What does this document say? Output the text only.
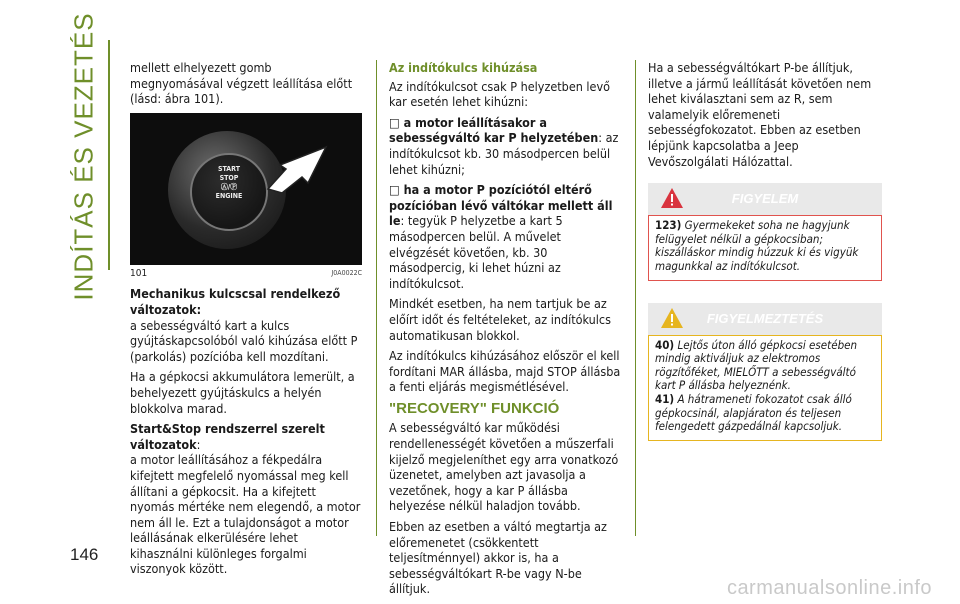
INDÍTÁS ÉS VEZETÉS
146

mellett elhelyezett gomb megnyomásával végzett leállítása előtt (lásd: ábra 101).

START
STOP
Ⓐ/Ⓟ
ENGINE
101	J0A0022C

Mechanikus kulcscsal rendelkező változatok:

a sebességváltó kart a kulcs gyújtáskapcsolóból való kihúzása előtt P (parkolás) pozícióba kell mozdítani.

Ha a gépkocsi akkumulátora lemerült, a behelyezett gyújtáskulcs a helyén blokkolva marad.

Start&Stop rendszerrel szerelt változatok:

a motor leállításához a fékpedálra kifejtett megfelelő nyomással meg kell állítani a gépkocsit. Ha a kifejtett nyomás mértéke nem elegendő, a motor nem áll le. Ezt a tulajdonságot a motor leállásának elkerülésére lehet kihasználni különleges forgalmi viszonyok között.

Az indítókulcs kihúzása

Az indítókulcsot csak P helyzetben levő kar esetén lehet kihúzni:

□ a motor leállításakor a sebességváltó kar P helyzetében: az indítókulcsot kb. 30 másodpercen belül lehet kihúzni;

□ ha a motor P pozíciótól eltérő pozícióban lévő váltókar mellett áll le: tegyük P helyzetbe a kart 5 másodpercen belül. A művelet elvégzését követően, kb. 30 másodpercig, ki lehet húzni az indítókulcsot.

Mindkét esetben, ha nem tartjuk be az előírt időt és feltételeket, az indítókulcs automatikusan blokkol.

Az indítókulcs kihúzásához először el kell fordítani MAR állásba, majd STOP állásba a fenti eljárás megismétlésével.

"RECOVERY" FUNKCIÓ

A sebességváltó kar működési rendellenességét követően a műszerfali kijelző megjeleníthet egy arra vonatkozó üzenetet, amelyben azt javasolja a vezetőnek, hogy a kar P állásba helyezése nélkül haladjon tovább.

Ebben az esetben a váltó megtartja az előremenetet (csökkentett teljesítménnyel) akkor is, ha a sebességváltókart R-be vagy N-be állítjuk.

Ha a sebességváltókart P-be állítjuk, illetve a jármű leállítását követően nem lehet kiválasztani sem az R, sem valamelyik előremeneti sebességfokozatot. Ebben az esetben lépjünk kapcsolatba a Jeep Vevőszolgálati Hálózattal.

FIGYELEM
123) Gyermekeket soha ne hagyjunk felügyelet nélkül a gépkocsiban; kiszálláskor mindig húzzuk ki és vigyük magunkkal az indítókulcsot.
FIGYELMEZTETÉS
40) Lejtős úton álló gépkocsi esetében mindig aktiváljuk az elektromos rögzítőféket, MIELŐTT a sebességváltó kart P állásba helyeznénk.
41) A hátrameneti fokozatot csak álló gépkocsinál, alapjáraton és teljesen felengedett gázpedálnál kapcsoljuk.
carmanualsonline.info
